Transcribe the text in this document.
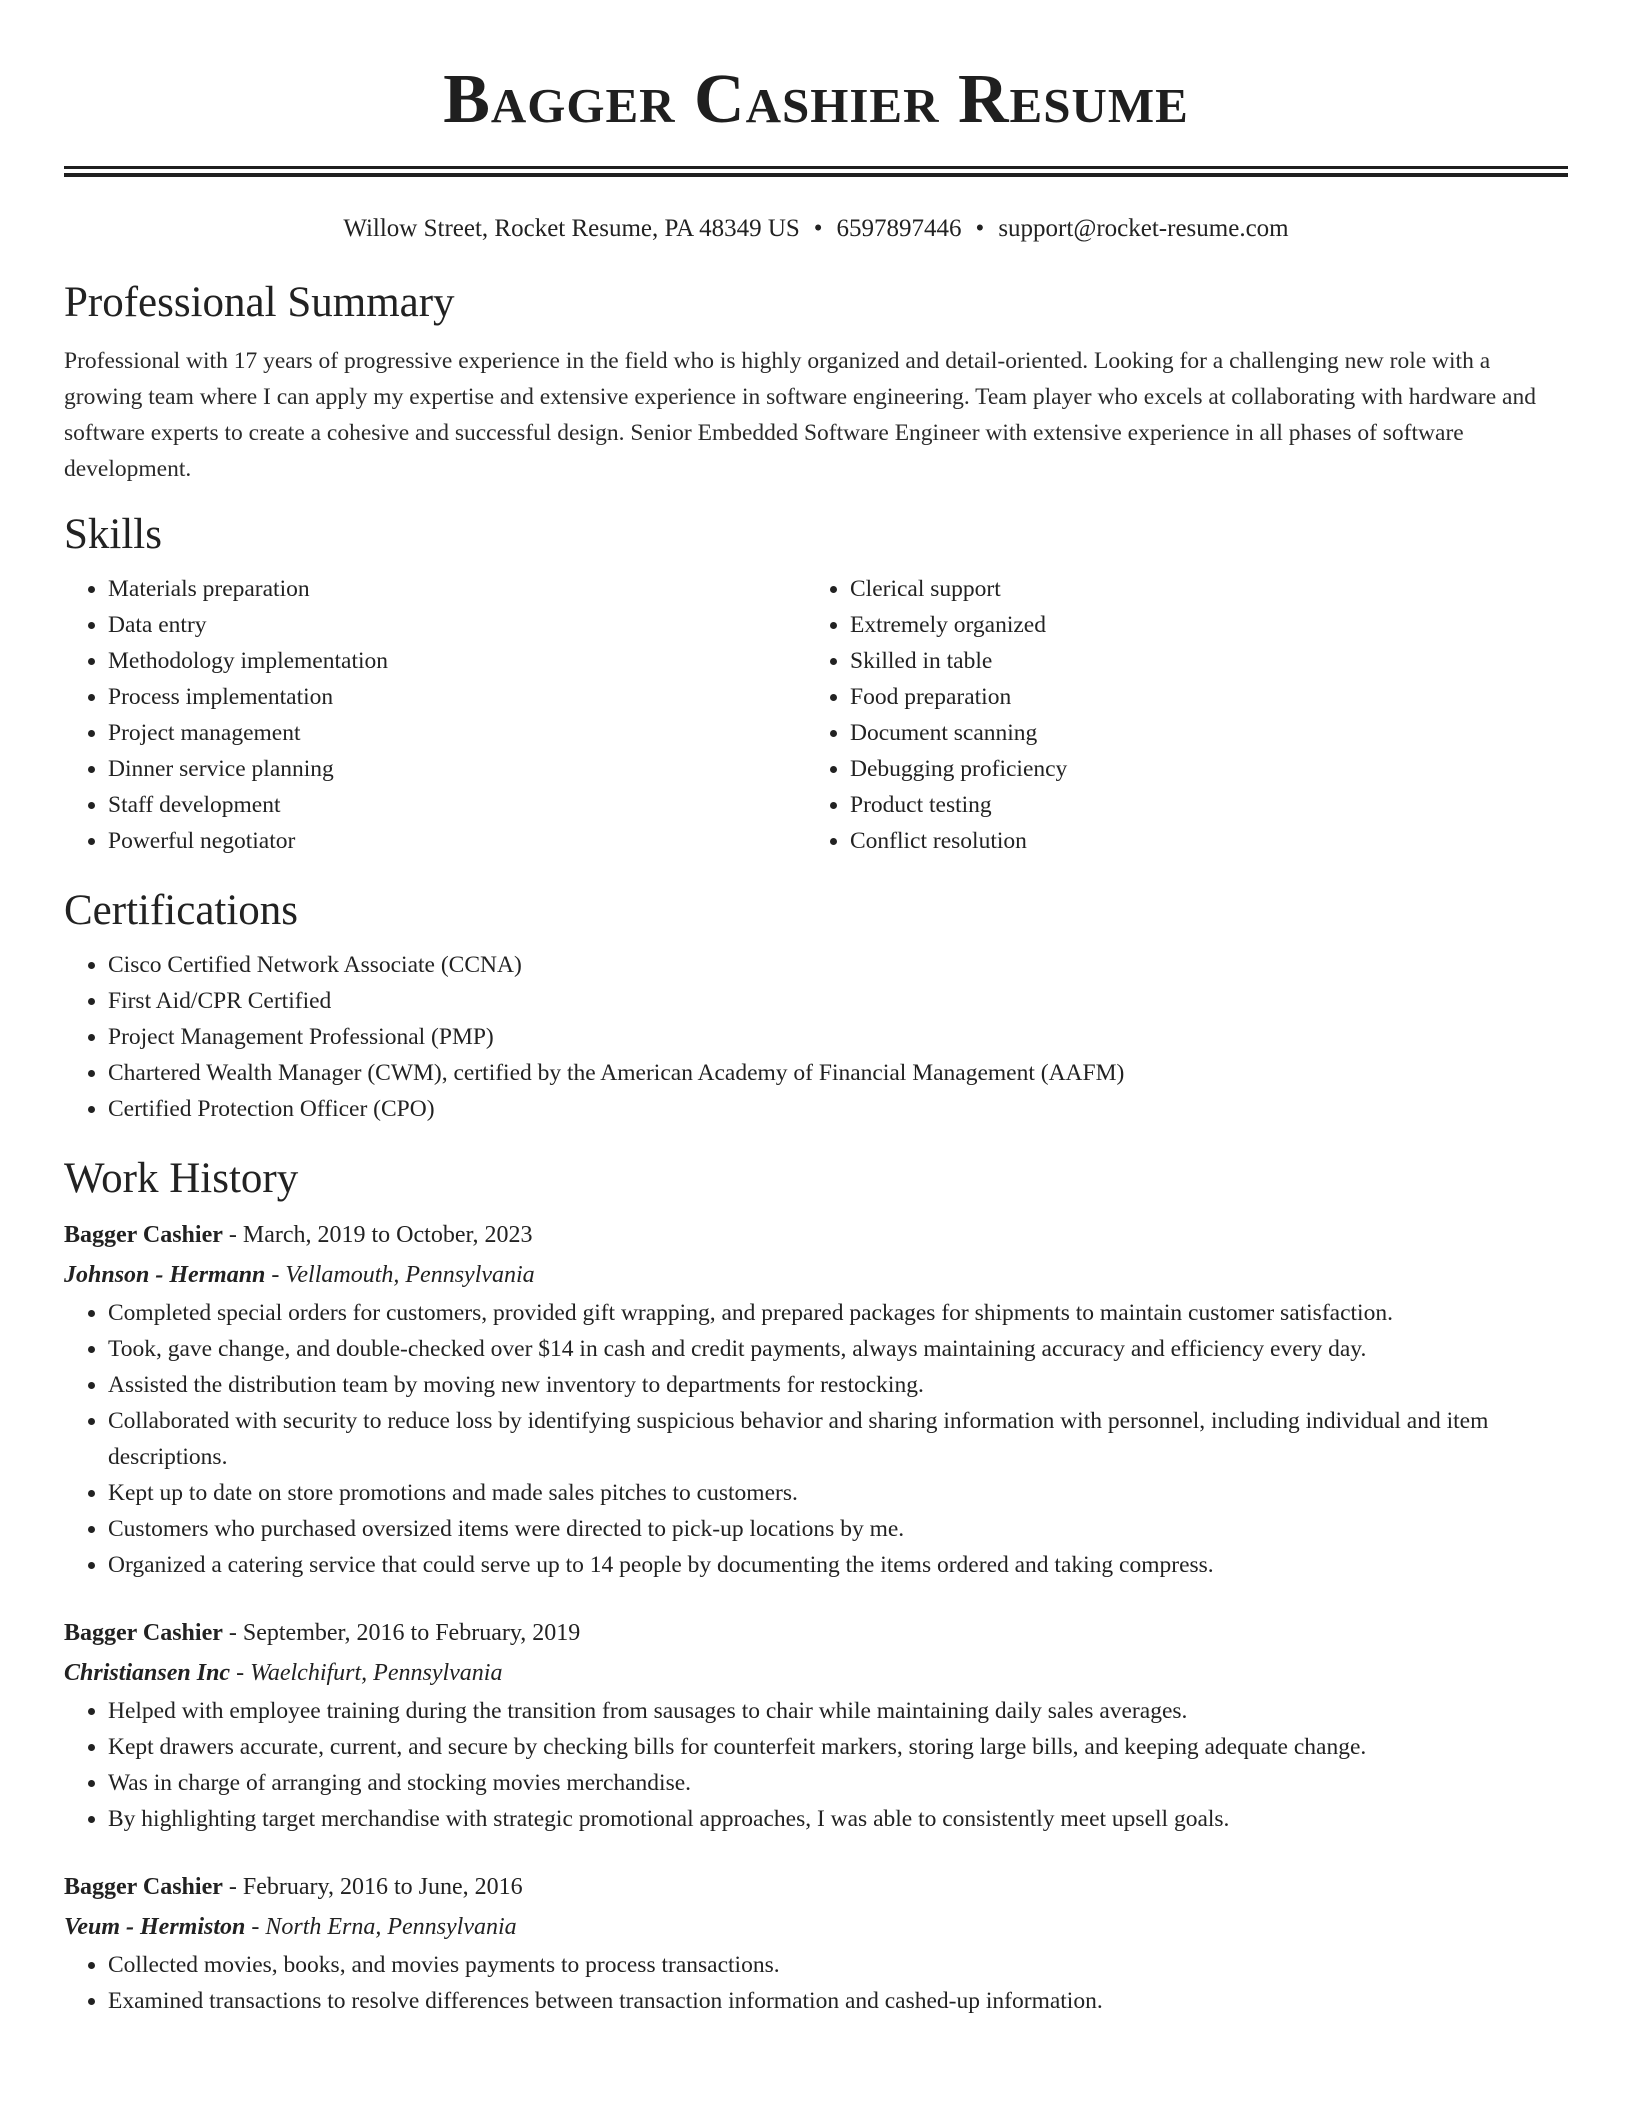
Bagger Cashier Resume
Willow Street, Rocket Resume, PA 48349 US • 6597897446 • support@rocket-resume.com
Professional Summary

Professional with 17 years of progressive experience in the field who is highly organized and detail-oriented. Looking for a challenging new role with a growing team where I can apply my expertise and extensive experience in software engineering. Team player who excels at collaborating with hardware and software experts to create a cohesive and successful design. Senior Embedded Software Engineer with extensive experience in all phases of software development.

Skills
• Materials preparation
• Data entry
• Methodology implementation
• Process implementation
• Project management
• Dinner service planning
• Staff development
• Powerful negotiator
• Clerical support
• Extremely organized
• Skilled in table
• Food preparation
• Document scanning
• Debugging proficiency
• Product testing
• Conflict resolution
Certifications
• Cisco Certified Network Associate (CCNA)
• First Aid/CPR Certified
• Project Management Professional (PMP)
• Chartered Wealth Manager (CWM), certified by the American Academy of Financial Management (AAFM)
• Certified Protection Officer (CPO)
Work History
Bagger Cashier - March, 2019 to October, 2023
Johnson - Hermann - Vellamouth, Pennsylvania
• Completed special orders for customers, provided gift wrapping, and prepared packages for shipments to maintain customer satisfaction.
• Took, gave change, and double-checked over $14 in cash and credit payments, always maintaining accuracy and efficiency every day.
• Assisted the distribution team by moving new inventory to departments for restocking.
• Collaborated with security to reduce loss by identifying suspicious behavior and sharing information with personnel, including individual and item descriptions.
• Kept up to date on store promotions and made sales pitches to customers.
• Customers who purchased oversized items were directed to pick-up locations by me.
• Organized a catering service that could serve up to 14 people by documenting the items ordered and taking compress.
Bagger Cashier - September, 2016 to February, 2019
Christiansen Inc - Waelchifurt, Pennsylvania
• Helped with employee training during the transition from sausages to chair while maintaining daily sales averages.
• Kept drawers accurate, current, and secure by checking bills for counterfeit markers, storing large bills, and keeping adequate change.
• Was in charge of arranging and stocking movies merchandise.
• By highlighting target merchandise with strategic promotional approaches, I was able to consistently meet upsell goals.
Bagger Cashier - February, 2016 to June, 2016
Veum - Hermiston - North Erna, Pennsylvania
• Collected movies, books, and movies payments to process transactions.
• Examined transactions to resolve differences between transaction information and cashed-up information.
